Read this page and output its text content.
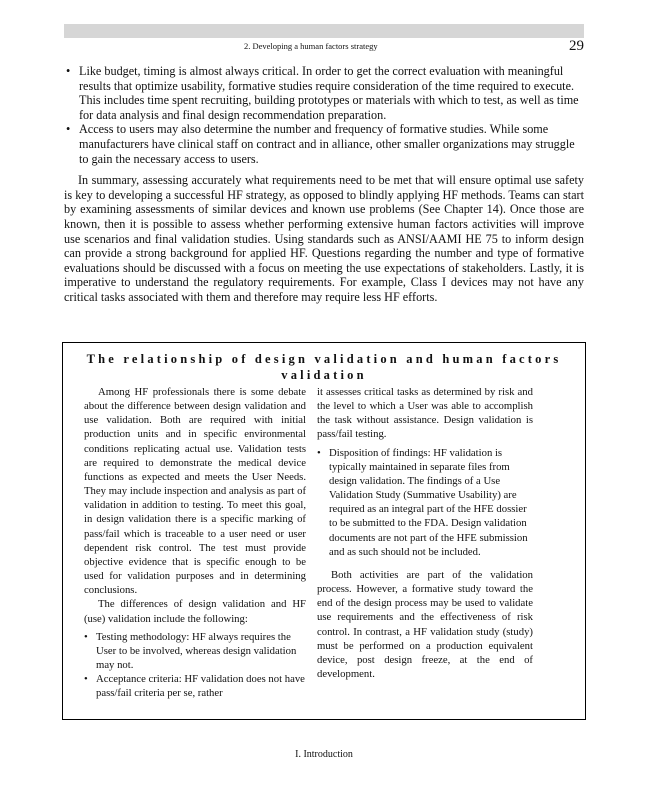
2. Developing a human factors strategy	29
• Like budget, timing is almost always critical. In order to get the correct evaluation with meaningful results that optimize usability, formative studies require consideration of the time required to execute. This includes time spent recruiting, building prototypes or materials with which to test, as well as time for data analysis and final design recommendation preparation.
• Access to users may also determine the number and frequency of formative studies. While some manufacturers have clinical staff on contract and in alliance, other smaller organizations may struggle to gain the necessary access to users.

In summary, assessing accurately what requirements need to be met that will ensure optimal use safety is key to developing a successful HF strategy, as opposed to blindly applying HF methods. Teams can start by examining assessments of similar devices and known use problems (See Chapter 14). Once those are known, then it is possible to assess whether performing extensive human factors activities will improve use scenarios and final validation studies. Using standards such as ANSI/AAMI HE 75 to inform design can provide a strong background for applied HF. Questions regarding the number and type of formative evaluations should be discussed with a focus on meeting the use expectations of stakeholders. Lastly, it is imperative to understand the regulatory requirements. For example, Class I devices may not have any critical tasks associated with them and therefore may require less HF efforts.

The relationship of design validation and human factors validation

Among HF professionals there is some debate about the difference between design validation and use validation. Both are required with initial production units and in specific environmental conditions replicating actual use. Validation tests are required to demonstrate the medical device functions as expected and meets the User Needs. They may include inspection and analysis as part of validation in addition to testing. To meet this goal, in design validation there is a specific marking of pass/fail which is traceable to a user need or user dependent risk control. The test must provide objective evidence that is specific enough to be used for validation purposes and in determining conclusions.

The differences of design validation and HF (use) validation include the following:

• Testing methodology: HF always requires the User to be involved, whereas design validation may not.
• Acceptance criteria: HF validation does not have pass/fail criteria per se, rather

it assesses critical tasks as determined by risk and the level to which a User was able to accomplish the task without assistance. Design validation is pass/fail testing.

• Disposition of findings: HF validation is typically maintained in separate files from design validation. The findings of a Use Validation Study (Summative Usability) are required as an integral part of the HFE dossier to be submitted to the FDA. Design validation documents are not part of the HFE submission and as such should not be included.

Both activities are part of the validation process. However, a formative study toward the end of the design process may be used to validate use requirements and the effectiveness of risk control. In contrast, a HF validation study (study) must be performed on a production equivalent device, post design freeze, at the end of development.

I. Introduction
